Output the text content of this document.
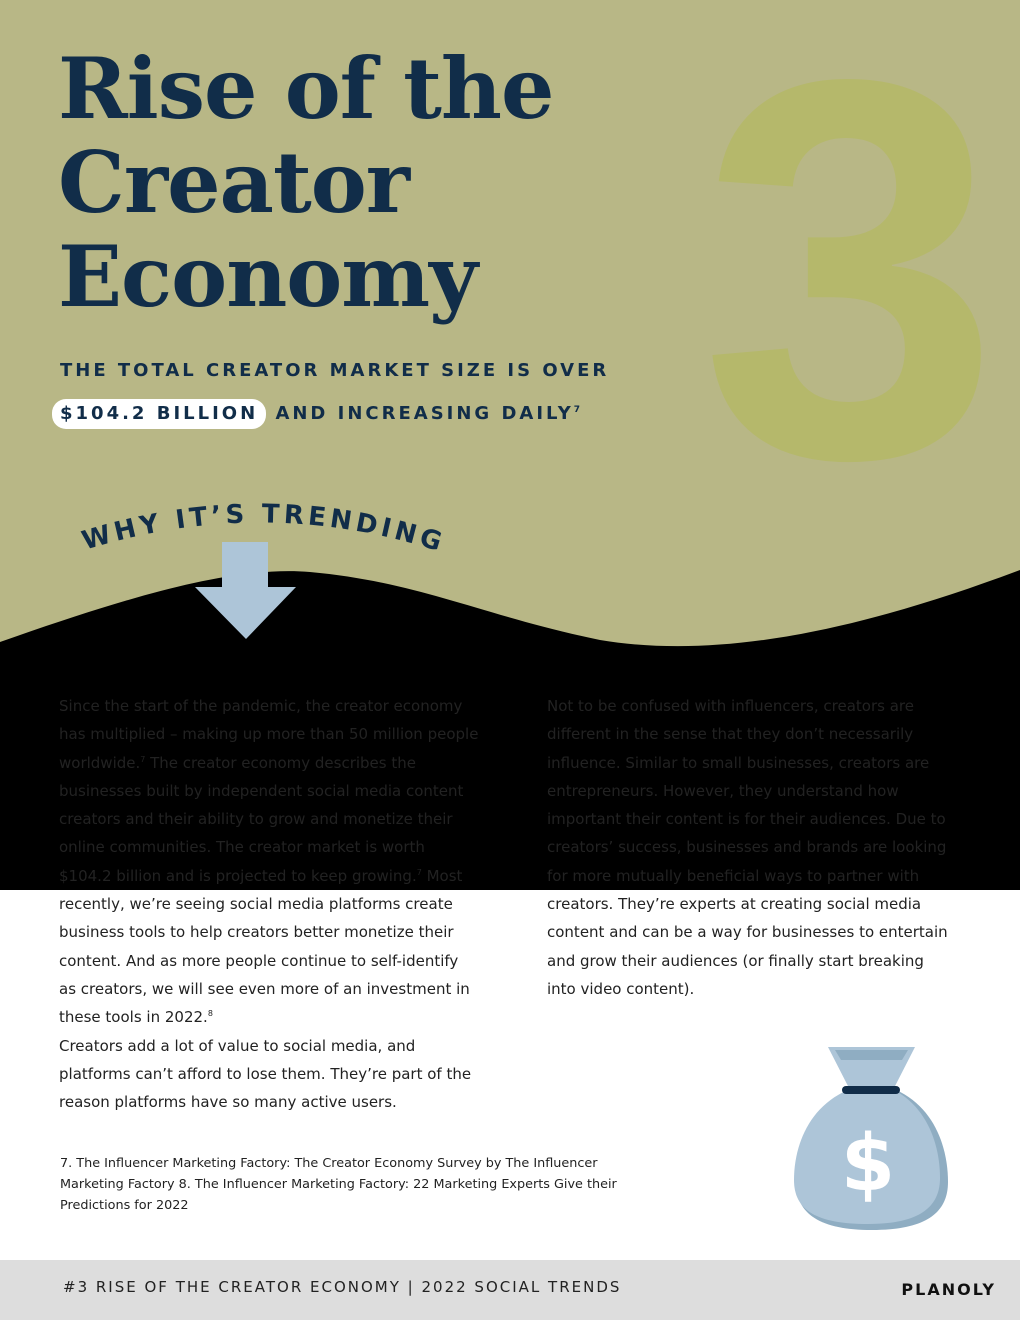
3
Rise of the
Creator
Economy
THE TOTAL CREATOR MARKET SIZE IS OVER
$104.2 BILLION AND INCREASING DAILY$^7$
WHY IT’S TRENDING

Since the start of the pandemic, the creator economy has multiplied – making up more than 50 million people worldwide.$^7$ The creator economy describes the businesses built by independent social media content creators and their ability to grow and monetize their online communities. The creator market is worth $104.2 billion and is projected to keep growing.$^7$ Most recently, we’re seeing social media platforms create business tools to help creators better monetize their content. And as more people continue to self-identify as creators, we will see even more of an investment in these tools in 2022.$^8$

Creators add a lot of value to social media, and platforms can’t afford to lose them. They’re part of the reason platforms have so many active users.

Not to be confused with influencers, creators are different in the sense that they don’t necessarily influence. Similar to small businesses, creators are entrepreneurs. However, they understand how important their content is for their audiences. Due to creators’ success, businesses and brands are looking for more mutually beneficial ways to partner with creators. They’re experts at creating social media content and can be a way for businesses to entertain and grow their audiences (or finally start breaking into video content).

7. The Influencer Marketing Factory: The Creator Economy Survey by The Influencer Marketing Factory 8. The Influencer Marketing Factory: 22 Marketing Experts Give their Predictions for 2022	$
#3 RISE OF THE CREATOR ECONOMY | 2022 SOCIAL TRENDS	PLANOLY
